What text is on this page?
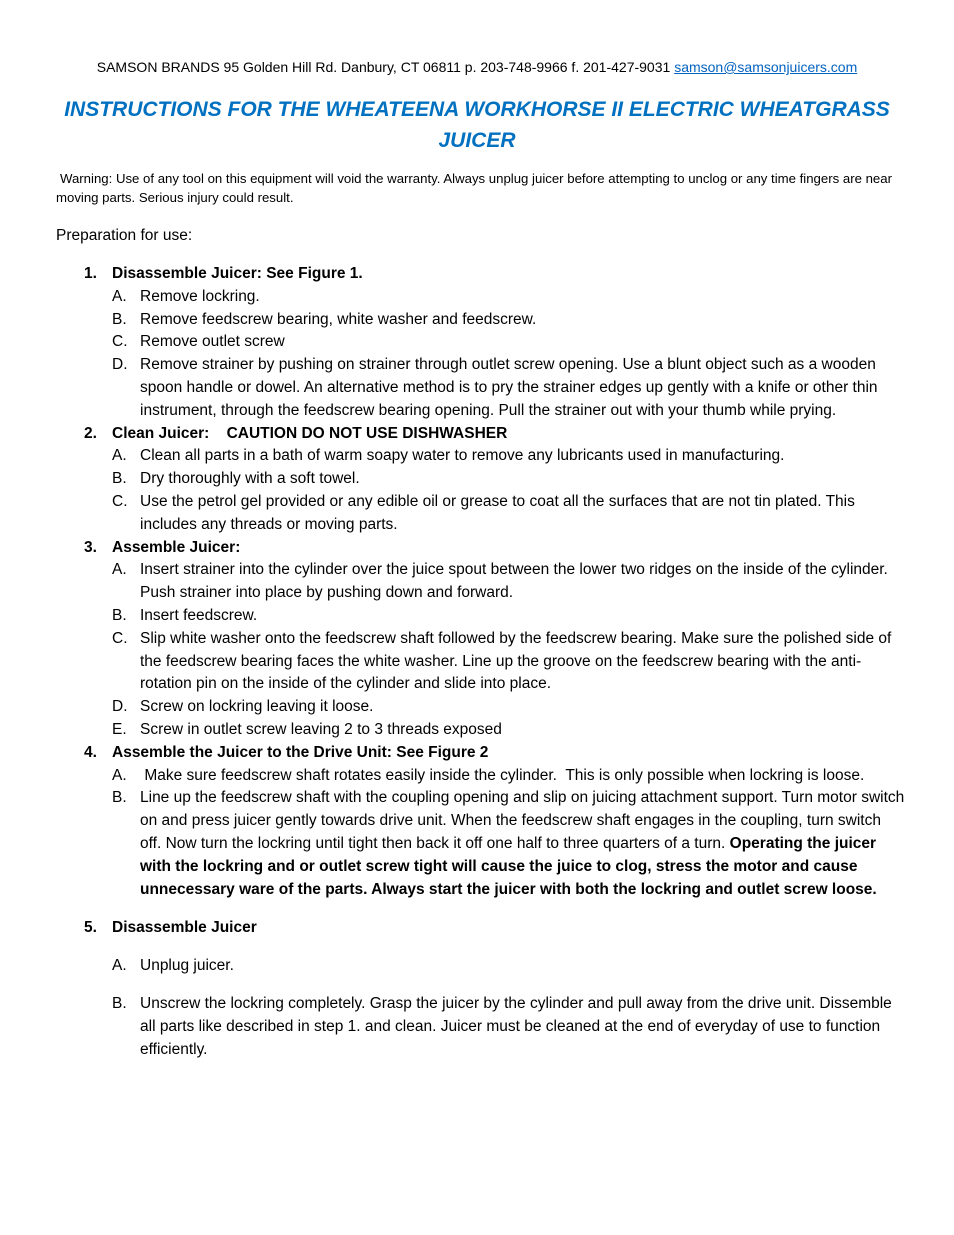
SAMSON BRANDS 95 Golden Hill Rd. Danbury, CT 06811 p. 203-748-9966 f. 201-427-9031 samson@samsonjuicers.com
INSTRUCTIONS FOR THE WHEATEENA WORKHORSE II ELECTRIC WHEATGRASS JUICER
Warning: Use of any tool on this equipment will void the warranty. Always unplug juicer before attempting to unclog or any time fingers are near moving parts. Serious injury could result.
Preparation for use:
1. Disassemble Juicer: See Figure 1.
A. Remove lockring.
B. Remove feedscrew bearing, white washer and feedscrew.
C. Remove outlet screw
D. Remove strainer by pushing on strainer through outlet screw opening. Use a blunt object such as a wooden spoon handle or dowel. An alternative method is to pry the strainer edges up gently with a knife or other thin instrument, through the feedscrew bearing opening. Pull the strainer out with your thumb while prying.
2. Clean Juicer:    CAUTION DO NOT USE DISHWASHER
A. Clean all parts in a bath of warm soapy water to remove any lubricants used in manufacturing.
B. Dry thoroughly with a soft towel.
C. Use the petrol gel provided or any edible oil or grease to coat all the surfaces that are not tin plated. This includes any threads or moving parts.
3. Assemble Juicer:
A. Insert strainer into the cylinder over the juice spout between the lower two ridges on the inside of the cylinder. Push strainer into place by pushing down and forward.
B. Insert feedscrew.
C. Slip white washer onto the feedscrew shaft followed by the feedscrew bearing. Make sure the polished side of the feedscrew bearing faces the white washer. Line up the groove on the feedscrew bearing with the anti-rotation pin on the inside of the cylinder and slide into place.
D. Screw on lockring leaving it loose.
E. Screw in outlet screw leaving 2 to 3 threads exposed
4. Assemble the Juicer to the Drive Unit: See Figure 2
A. Make sure feedscrew shaft rotates easily inside the cylinder.  This is only possible when lockring is loose.
B. Line up the feedscrew shaft with the coupling opening and slip on juicing attachment support. Turn motor switch on and press juicer gently towards drive unit. When the feedscrew shaft engages in the coupling, turn switch off. Now turn the lockring until tight then back it off one half to three quarters of a turn. Operating the juicer with the lockring and or outlet screw tight will cause the juice to clog, stress the motor and cause unnecessary ware of the parts. Always start the juicer with both the lockring and outlet screw loose.
5. Disassemble Juicer
A. Unplug juicer.
B. Unscrew the lockring completely. Grasp the juicer by the cylinder and pull away from the drive unit. Dissemble all parts like described in step 1. and clean. Juicer must be cleaned at the end of everyday of use to function efficiently.
